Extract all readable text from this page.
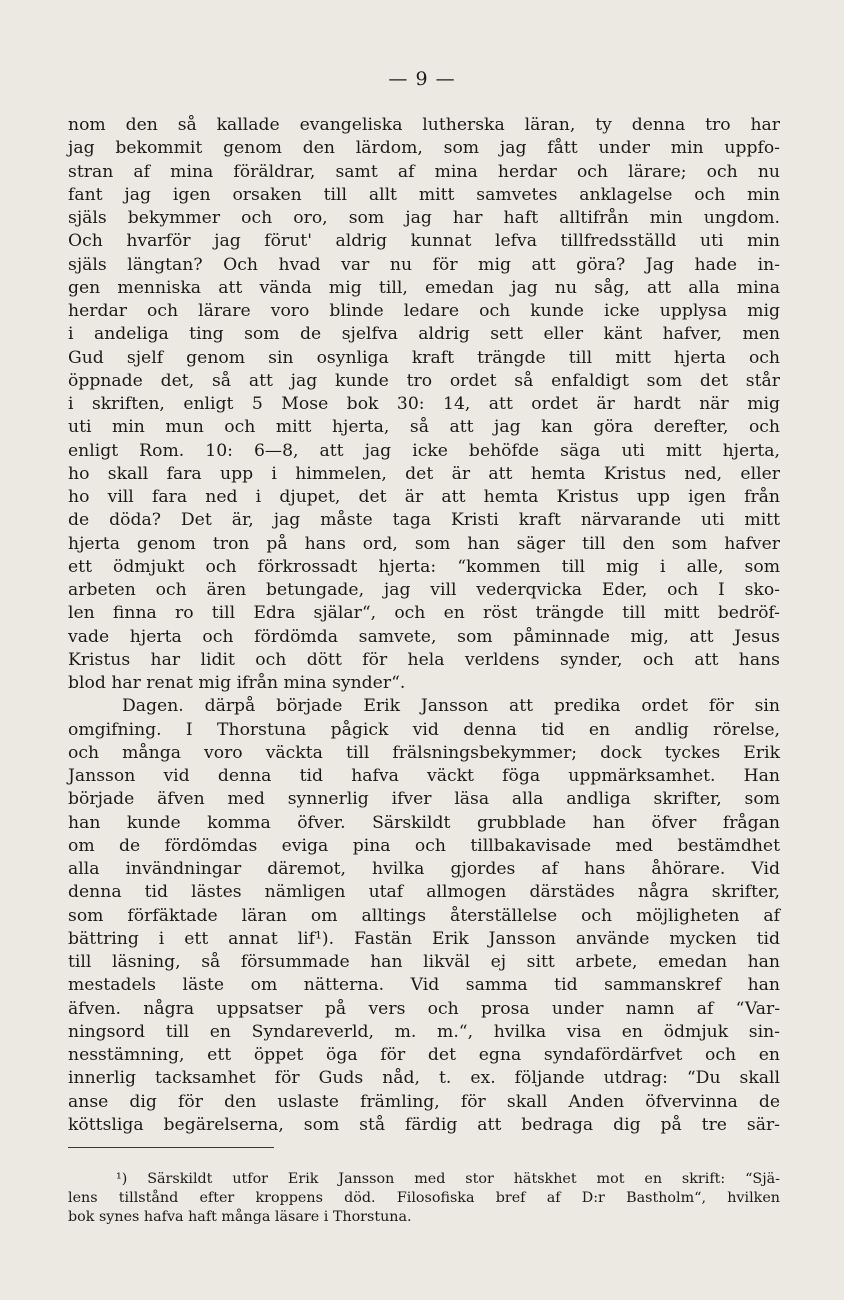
— 9 —
nom den så kallade evangeliska lutherska läran, ty denna tro har
jag bekommit genom den lärdom, som jag fått under min uppfo-
stran af mina föräldrar, samt af mina herdar och lärare; och nu
fant jag igen orsaken till allt mitt samvetes anklagelse och min
själs bekymmer och oro, som jag har haft alltifrån min ungdom.
Och hvarför jag förut' aldrig kunnat lefva tillfredsställd uti min
själs längtan? Och hvad var nu för mig att göra? Jag hade in-
gen menniska att vända mig till, emedan jag nu såg, att alla mina
herdar och lärare voro blinde ledare och kunde icke upplysa mig
i andeliga ting som de sjelfva aldrig sett eller känt hafver, men
Gud sjelf genom sin osynliga kraft trängde till mitt hjerta och
öppnade det, så att jag kunde tro ordet så enfaldigt som det står
i skriften, enligt 5 Mose bok 30: 14, att ordet är hardt när mig
uti min mun och mitt hjerta, så att jag kan göra derefter, och
enligt Rom. 10: 6—8, att jag icke behöfde säga uti mitt hjerta,
ho skall fara upp i himmelen, det är att hemta Kristus ned, eller
ho vill fara ned i djupet, det är att hemta Kristus upp igen från
de döda? Det är, jag måste taga Kristi kraft närvarande uti mitt
hjerta genom tron på hans ord, som han säger till den som hafver
ett ödmjukt och förkrossadt hjerta: “kommen till mig i alle, som
arbeten och ären betungade, jag vill vederqvicka Eder, och I sko-
len finna ro till Edra själar“, och en röst trängde till mitt bedröf-
vade hjerta och fördömda samvete, som påminnade mig, att Jesus
Kristus har lidit och dött för hela verldens synder, och att hans
blod har renat mig ifrån mina synder“.
Dagen. därpå började Erik Jansson att predika ordet för sin
omgifning. I Thorstuna pågick vid denna tid en andlig rörelse,
och många voro väckta till frälsningsbekymmer; dock tyckes Erik
Jansson vid denna tid hafva väckt föga uppmärksamhet. Han
började äfven med synnerlig ifver läsa alla andliga skrifter, som
han kunde komma öfver. Särskildt grubblade han öfver frågan
om de fördömdas eviga pina och tillbakavisade med bestämdhet
alla invändningar däremot, hvilka gjordes af hans åhörare. Vid
denna tid lästes nämligen utaf allmogen därstädes några skrifter,
som förfäktade läran om alltings återställelse och möjligheten af
bättring i ett annat lif¹). Fastän Erik Jansson använde mycken tid
till läsning, så försummade han likväl ej sitt arbete, emedan han
mestadels läste om nätterna. Vid samma tid sammanskref han
äfven. några uppsatser på vers och prosa under namn af “Var-
ningsord till en Syndareverld, m. m.“, hvilka visa en ödmjuk sin-
nesstämning, ett öppet öga för det egna syndafördärfvet och en
innerlig tacksamhet för Guds nåd, t. ex. följande utdrag: “Du skall
anse dig för den uslaste främling, för skall Anden öfvervinna de
köttsliga begärelserna, som stå färdig att bedraga dig på tre sär-
¹) Särskildt utfor Erik Jansson med stor hätskhet mot en skrift: “Sjä-
lens tillstånd efter kroppens död. Filosofiska bref af D:r Bastholm“, hvilken
bok synes hafva haft många läsare i Thorstuna.
